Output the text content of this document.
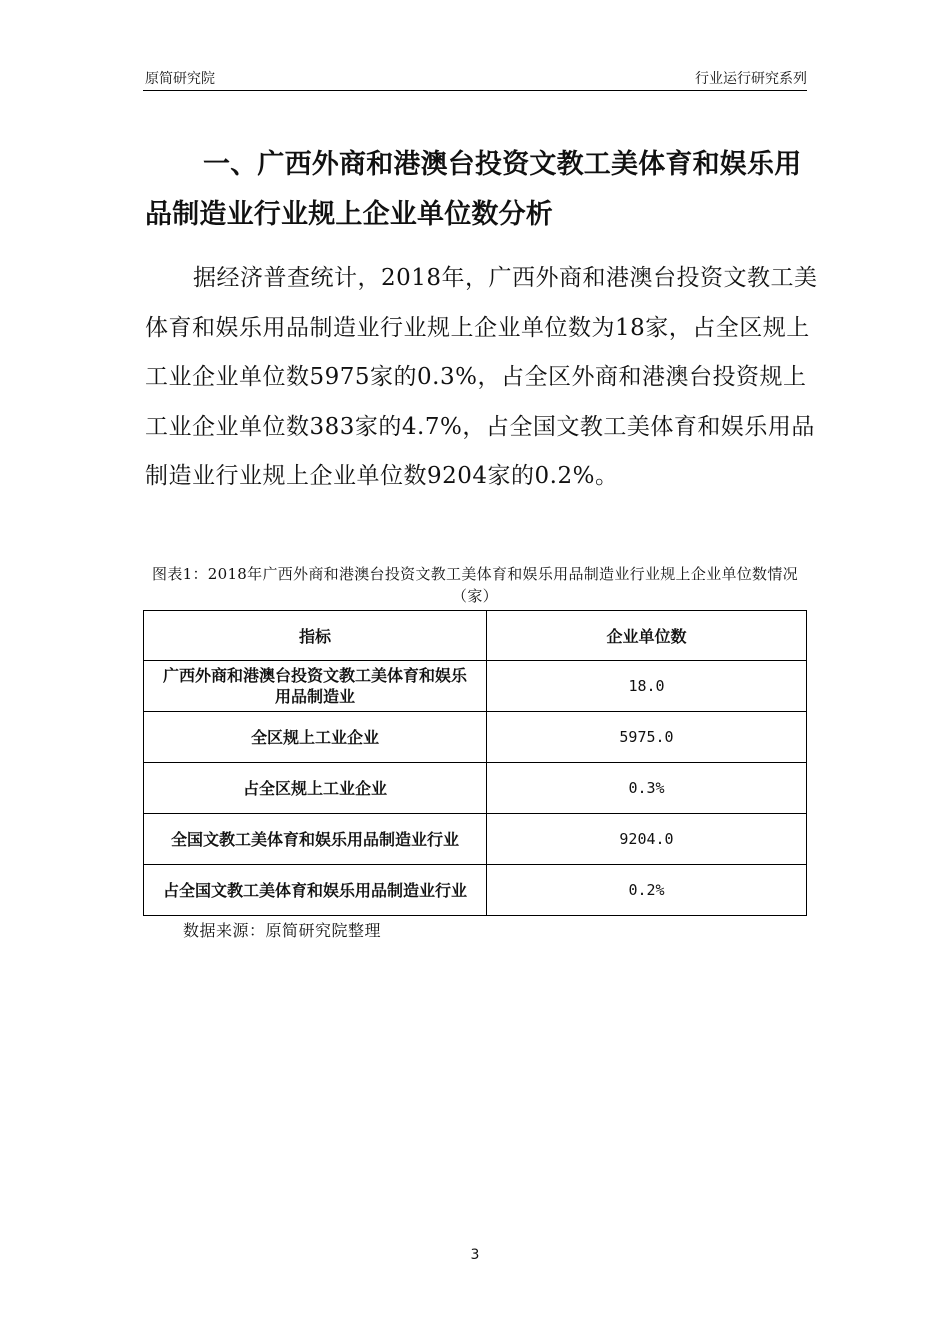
原简研究院	行业运行研究系列
一、广西外商和港澳台投资文教工美体育和娱乐用品制造业行业规上企业单位数分析
据经济普查统计，2018年，广西外商和港澳台投资文教工美体育和娱乐用品制造业行业规上企业单位数为18家，占全区规上工业企业单位数5975家的0.3%，占全区外商和港澳台投资规上工业企业单位数383家的4.7%，占全国文教工美体育和娱乐用品制造业行业规上企业单位数9204家的0.2%。
图表1：2018年广西外商和港澳台投资文教工美体育和娱乐用品制造业行业规上企业单位数情况（家）
指标	企业单位数
广西外商和港澳台投资文教工美体育和娱乐用品制造业	18.0
全区规上工业企业	5975.0
占全区规上工业企业	0.3%
全国文教工美体育和娱乐用品制造业行业	9204.0
占全国文教工美体育和娱乐用品制造业行业	0.2%
数据来源：原简研究院整理
3
